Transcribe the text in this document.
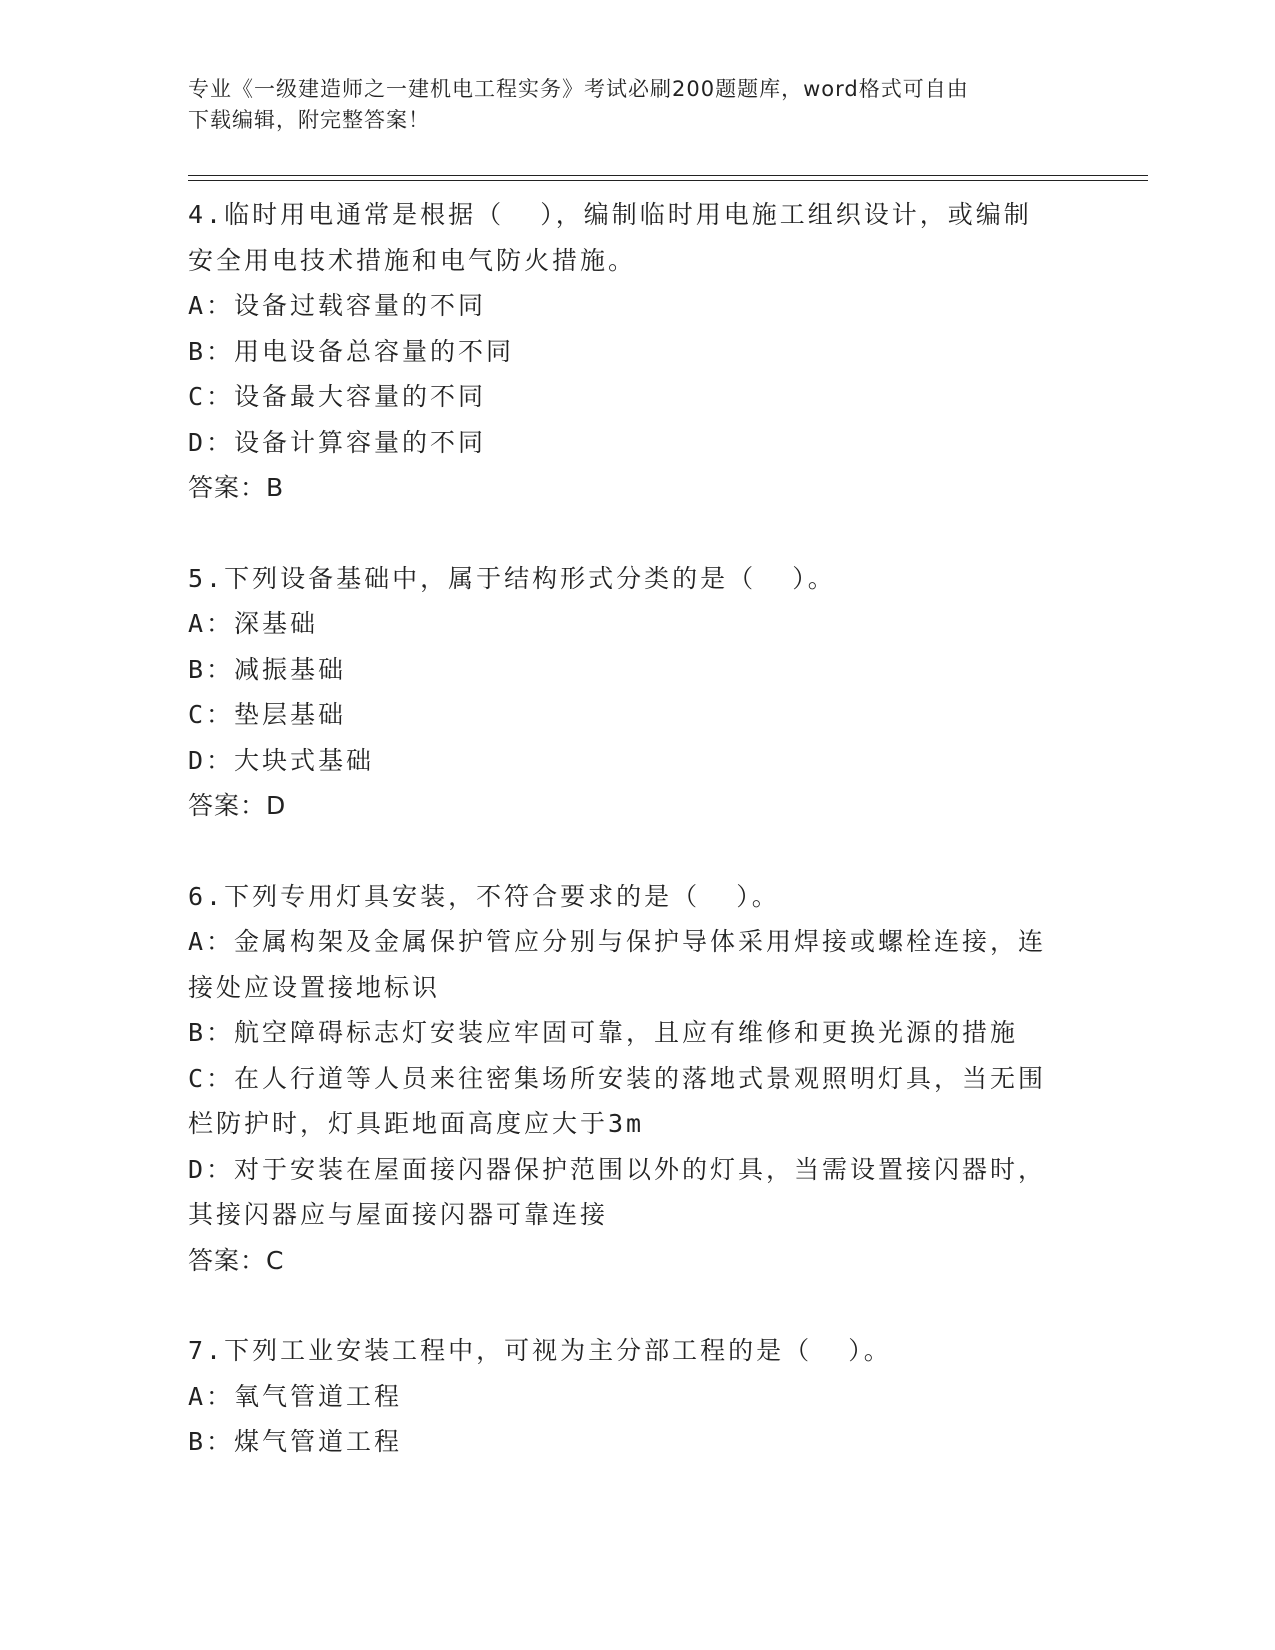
专业《一级建造师之一建机电工程实务》考试必刷200题题库，word格式可自由
下载编辑，附完整答案！

4.临时用电通常是根据（  ），编制临时用电施工组织设计，或编制

安全用电技术措施和电气防火措施。

A：设备过载容量的不同

B：用电设备总容量的不同

C：设备最大容量的不同

D：设备计算容量的不同

答案：B

5.下列设备基础中，属于结构形式分类的是（  ）。

A：深基础

B：减振基础

C：垫层基础

D：大块式基础

答案：D

6.下列专用灯具安装，不符合要求的是（  ）。

A：金属构架及金属保护管应分别与保护导体采用焊接或螺栓连接，连

接处应设置接地标识

B：航空障碍标志灯安装应牢固可靠，且应有维修和更换光源的措施

C：在人行道等人员来往密集场所安装的落地式景观照明灯具，当无围

栏防护时，灯具距地面高度应大于3m

D：对于安装在屋面接闪器保护范围以外的灯具，当需设置接闪器时，

其接闪器应与屋面接闪器可靠连接

答案：C

7.下列工业安装工程中，可视为主分部工程的是（  ）。

A：氧气管道工程

B：煤气管道工程
